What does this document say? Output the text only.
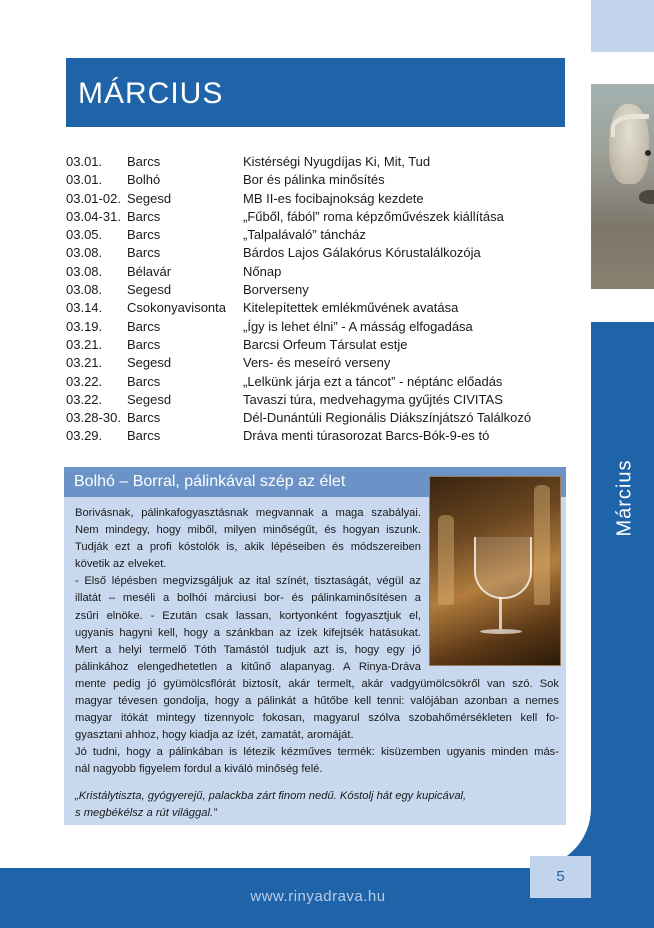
Március
MÁRCIUS
03.01. Barcs	Kistérségi Nyugdíjas Ki, Mit, Tud
03.01. Bolhó	Bor és pálinka minősítés
03.01-02. Segesd	MB II-es focibajnokság kezdete
03.04-31. Barcs	„Fűből, fából” roma képzőművészek kiállítása
03.05. Barcs	„Talpalávaló” táncház
03.08. Barcs	Bárdos Lajos Gálakórus Kórustalálkozója
03.08. Bélavár	Nőnap
03.08. Segesd	Borverseny
03.14. Csokonyavisonta Kitelepítettek emlékművének avatása
03.19. Barcs	„Így is lehet élni” - A másság elfogadása
03.21. Barcs	Barcsi Orfeum Társulat estje
03.21. Segesd	Vers- és meseíró verseny
03.22. Barcs	„Lelkünk járja ezt a táncot” - néptánc előadás
03.22. Segesd	Tavaszi túra, medvehagyma gyűjtés CIVITAS
03.28-30. Barcs	Dél-Dunántúli Regionális Diákszínjátszó Találkozó
03.29. Barcs	Dráva menti túrasorozat Barcs-Bók-9-es tó
Bolhó – Borral, pálinkával szép az élet
Borivásnak, pálinkafogyasztásnak megvannak a maga szabályai.
Nem mindegy, hogy miből, milyen minőségűt, és hogyan iszunk.
Tudják ezt a profi kóstolók is, akik lépéseiben és módszereiben
követik az elveket.
- Első lépésben megvizsgáljuk az ital színét, tisztaságát, végül az
illatát – meséli a bolhói márciusi bor- és pálinkaminősítésen a
zsűri elnöke. - Ezután csak lassan, kortyonként fogyasztjuk el,
ugyanis hagyni kell, hogy a szánkban az ízek kifejtsék hatásukat.
Mert a helyi termelő Tóth Tamástól tudjuk azt is, hogy egy jó
pálinkához elengedhetetlen a kitűnő alapanyag. A Rinya-Dráva
mente pedig jó gyümölcsflórát biztosít, akár termelt, akár vadgyümölcsökről van szó. Sok
magyar tévesen gondolja, hogy a pálinkát a hűtőbe kell tenni: valójában azonban a nemes
magyar itókát mintegy tizennyolc fokosan, magyarul szólva szobahőmérsékleten kell fo-
gyasztani ahhoz, hogy kiadja az ízét, zamatát, aromáját.
Jó tudni, hogy a pálinkában is létezik kézműves termék: kisüzemben ugyanis minden más-
nál nagyobb figyelem fordul a kiváló minőség felé.
„Kristálytiszta, gyógyerejű, palackba zárt finom nedű. Kóstolj hát egy kupicával,
s megbékélsz a rút világgal.”
www.rinyadrava.hu
5
